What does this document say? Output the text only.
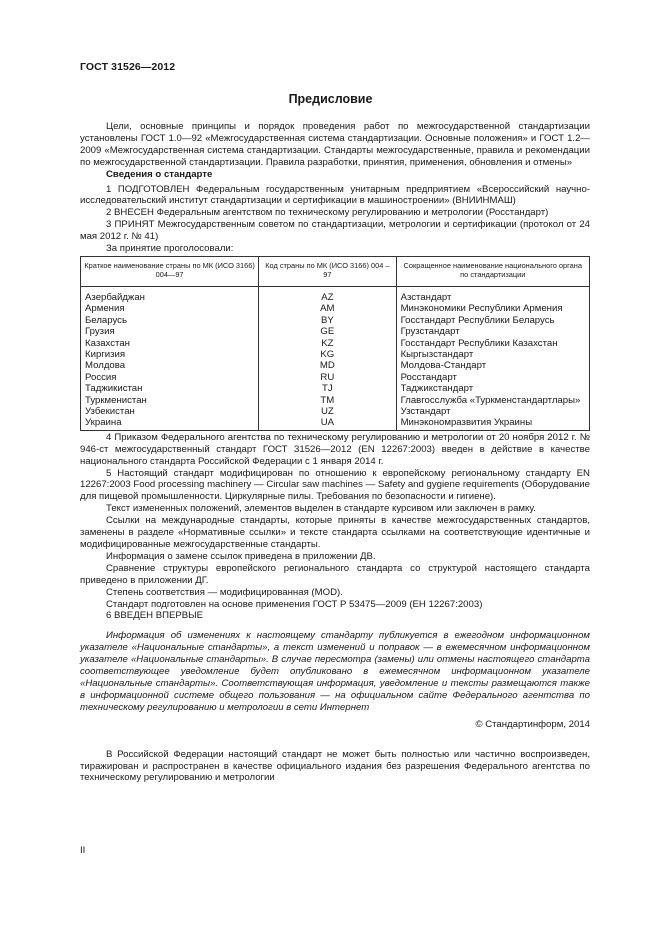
ГОСТ 31526—2012
Предисловие

Цели, основные принципы и порядок проведения работ по межгосударственной стандартизации установлены ГОСТ 1.0—92 «Межгосударственная система стандартизации. Основные положения» и ГОСТ 1.2—2009 «Межгосударственная система стандартизации. Стандарты межгосударственные, правила и рекомендации по межгосударственной стандартизации. Правила разработки, принятия, применения, обновления и отмены»

Сведения о стандарте

1 ПОДГОТОВЛЕН Федеральным государственным унитарным предприятием «Всероссийский научно-исследовательский институт стандартизации и сертификации в машиностроении» (ВНИИНМАШ)

2 ВНЕСЕН Федеральным агентством по техническому регулированию и метрологии (Росстандарт)

3 ПРИНЯТ Межгосударственным советом по стандартизации, метрологии и сертификации (протокол от 24 мая 2012 г. № 41)

За принятие проголосовали:

Краткое наименование страны по МК (ИСО 3166) 004—97	Код страны по МК (ИСО 3166) 004 – 97	Сокращенное наименование национального органа по стандартизации
Азербайджан	AZ	Азстандарт
Армения	AM	Минэкономики Республики Армения
Беларусь	BY	Госстандарт Республики Беларусь
Грузия	GE	Грузстандарт
Казахстан	KZ	Госстандарт Республики Казахстан
Киргизия	KG	Кыргызстандарт
Молдова	MD	Молдова-Стандарт
Россия	RU	Росстандарт
Таджикистан	TJ	Таджикстандарт
Туркменистан	TM	Главгосслужба «Туркменстандартлары»
Узбекистан	UZ	Узстандарт
Украина	UA	Минэкономразвития Украины

4 Приказом Федерального агентства по техническому регулированию и метрологии от 20 ноября 2012 г. № 946-ст межгосударственный стандарт ГОСТ 31526—2012 (EN 12267:2003) введен в действие в качестве национального стандарта Российской Федерации с 1 января 2014 г.

5 Настоящий стандарт модифицирован по отношению к европейскому региональному стандарту EN 12267:2003 Food processing machinery — Circular saw machines — Safety and gygiene requirements (Оборудование для пищевой промышленности. Циркулярные пилы. Требования по безопасности и гигиене).

Текст измененных положений, элементов выделен в стандарте курсивом или заключен в рамку.

Ссылки на международные стандарты, которые приняты в качестве межгосударственных стандартов, заменены в разделе «Нормативные ссылки» и тексте стандарта ссылками на соответствующие идентичные и модифицированные межгосударственные стандарты.

Информация о замене ссылок приведена в приложении ДВ.

Сравнение структуры европейского регионального стандарта со структурой настоящего стандарта приведено в приложении ДГ.

Степень соответствия — модифицированная (MOD).

Стандарт подготовлен на основе применения ГОСТ Р 53475—2009 (ЕН 12267:2003)

6 ВВЕДЕН ВПЕРВЫЕ

Информация об изменениях к настоящему стандарту публикуется в ежегодном информационном указателе «Национальные стандарты», а текст изменений и поправок — в ежемесячном информационном указателе «Национальные стандарты». В случае пересмотра (замены) или отмены настоящего стандарта соответствующее уведомление будет опубликовано в ежемесячном информационном указателе «Национальные стандарты». Соответствующая информация, уведомление и тексты размещаются также в информационной системе общего пользования — на официальном сайте Федерального агентства по техническому регулированию и метрологии в сети Интернет

© Стандартинформ, 2014

В Российской Федерации настоящий стандарт не может быть полностью или частично воспроизведен, тиражирован и распространен в качестве официального издания без разрешения Федерального агентства по техническому регулированию и метрологии

II
